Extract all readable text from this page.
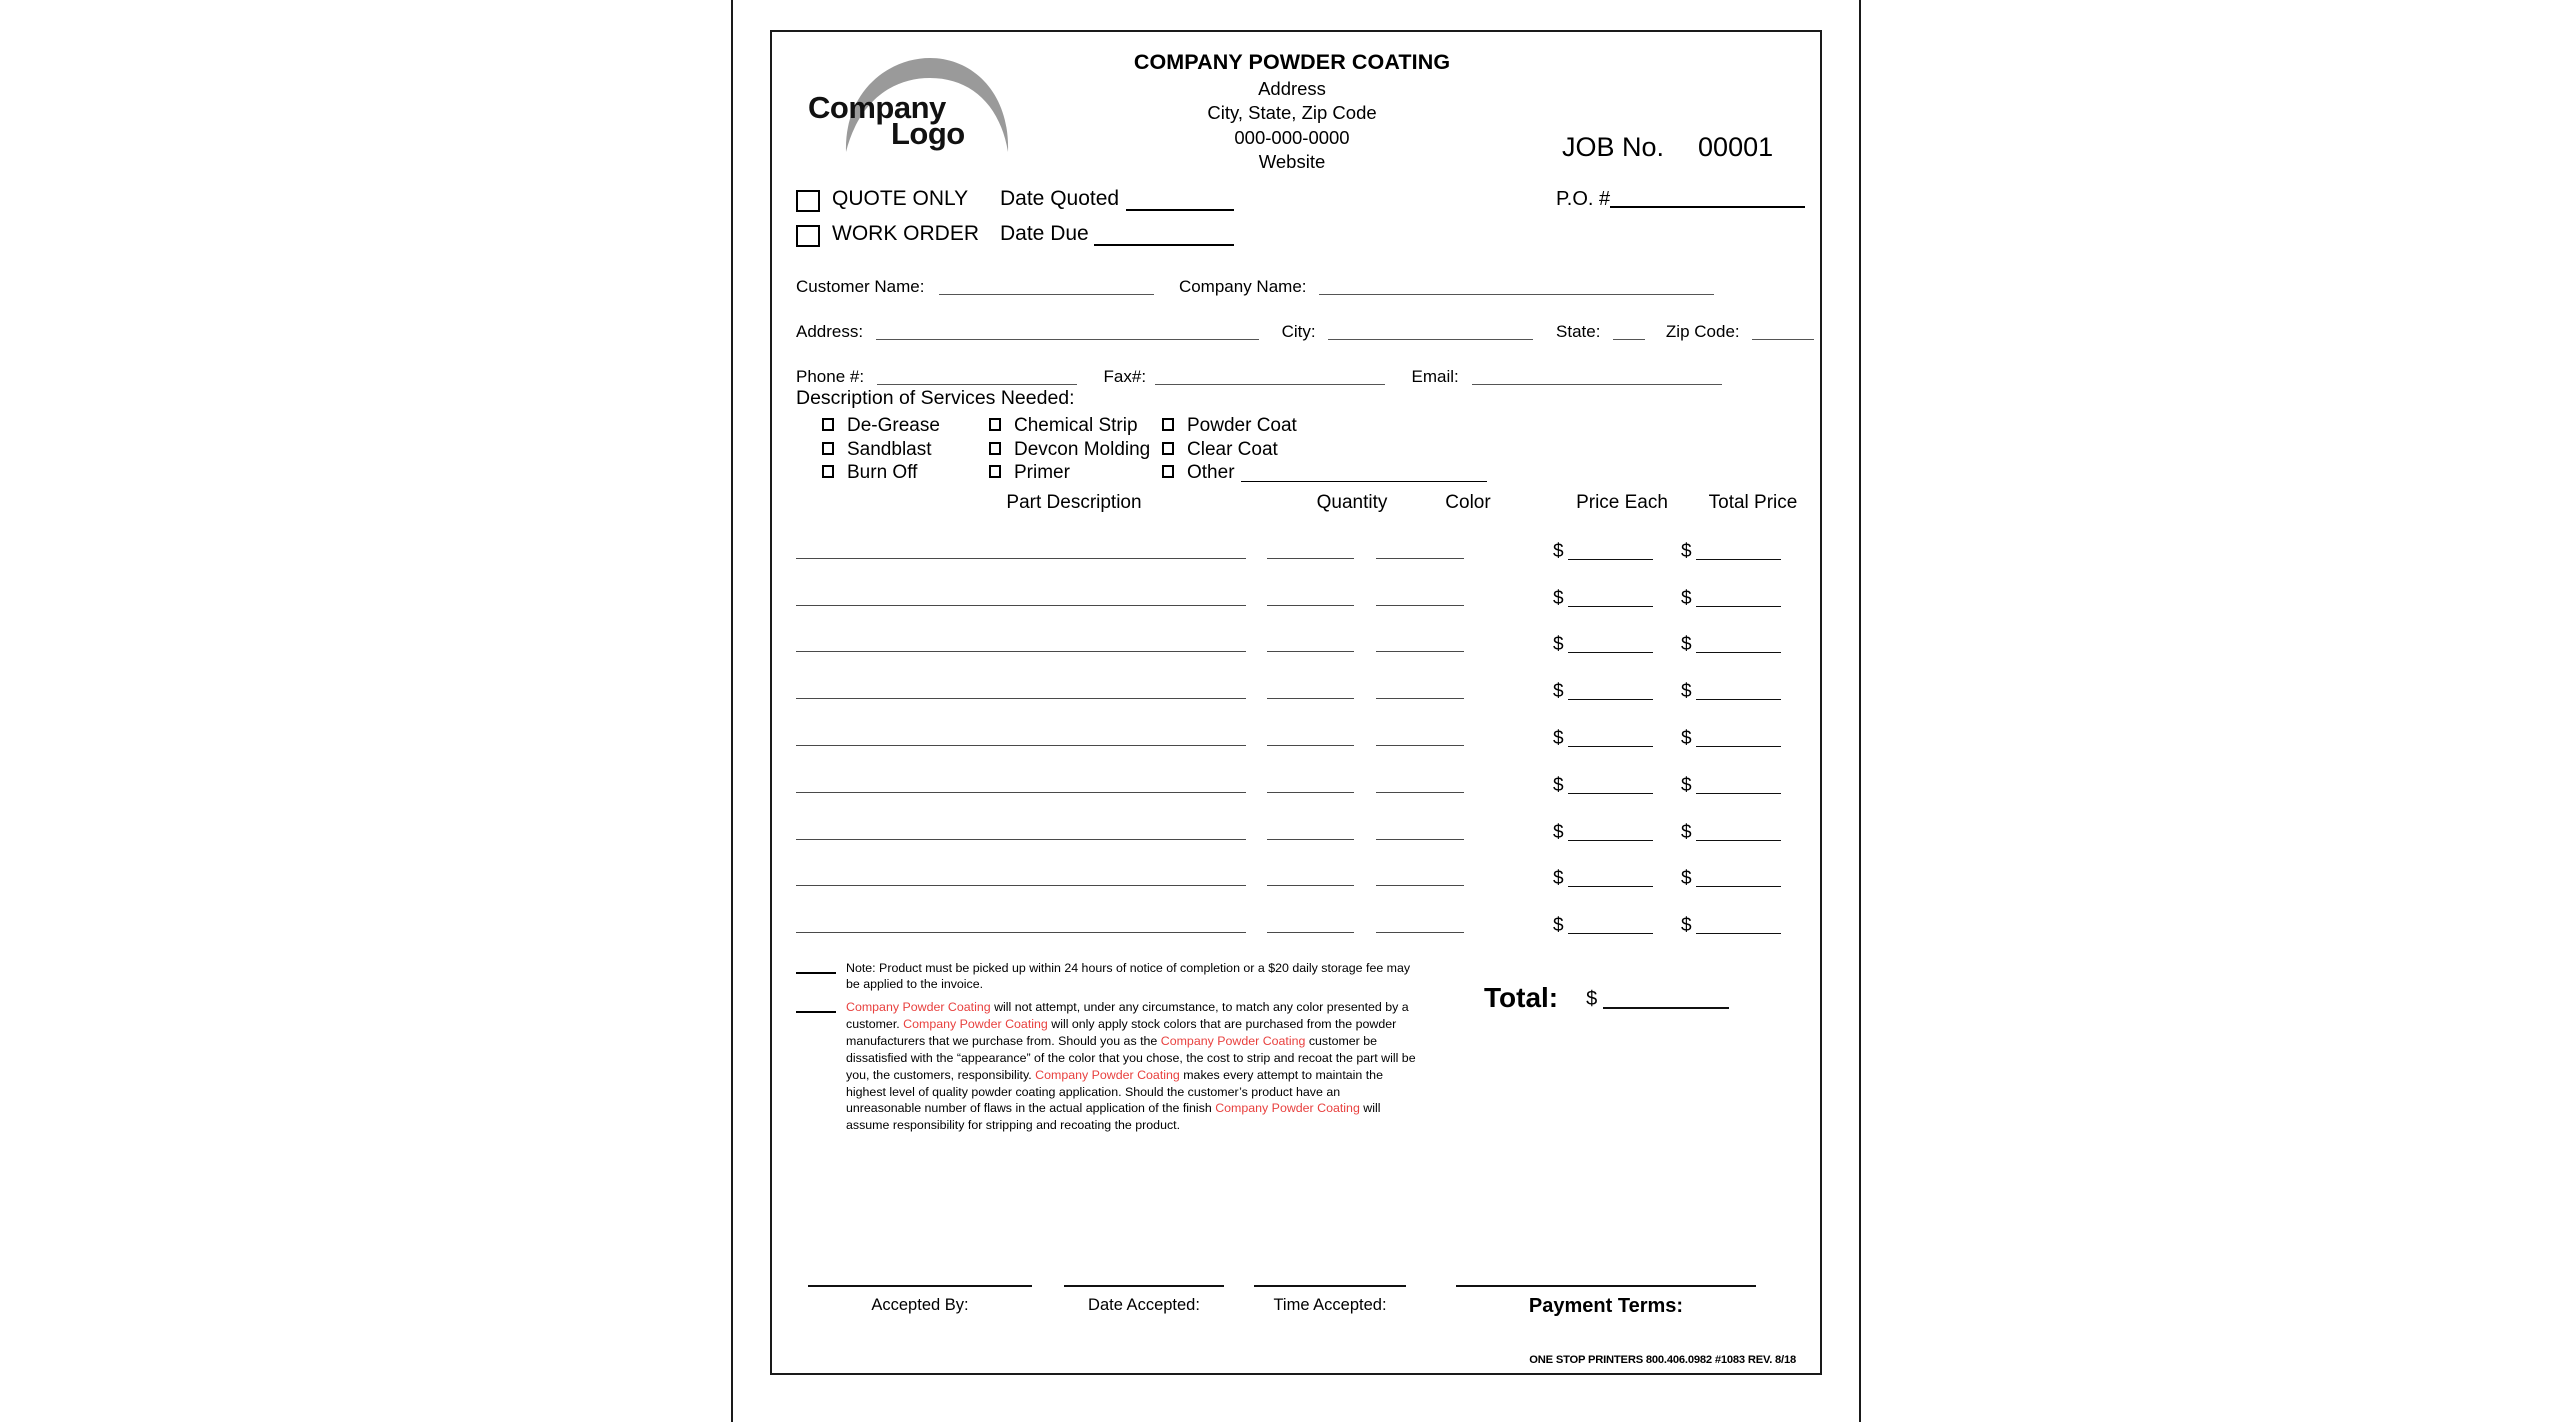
Company
Logo
COMPANY POWDER COATING
Address
City, State, Zip Code
000-000-0000
Website	JOB No. 00001
QUOTE ONLY Date Quoted
WORK ORDER Date Due
P.O. #
Customer Name:	Company Name:
Address:	City:	State:	Zip Code:
Phone #:	Fax#:	Email:
Description of Services Needed:
De-Grease
Sandblast
Burn Off
Chemical Strip
Devcon Molding
Primer
Powder Coat
Clear Coat
Other
Part Description	Quantity	Color	Price Each	Total Price
$	$
$	$
$	$
$	$
$	$
$	$
$	$
$	$
$	$
Note: Product must be picked up within 24 hours of notice of completion or a $20 daily storage fee may be applied to the invoice.
Company Powder Coating will not attempt, under any circumstance, to match any color presented by a customer. Company Powder Coating will only apply stock colors that are purchased from the powder manufacturers that we purchase from. Should you as the Company Powder Coating customer be dissatisfied with the “appearance” of the color that you chose, the cost to strip and recoat the part will be you, the customers, responsibility. Company Powder Coating makes every attempt to maintain the highest level of quality powder coating application. Should the customer’s product have an unreasonable number of flaws in the actual application of the finish Company Powder Coating will assume responsibility for stripping and recoating the product.
Total: $
Accepted By:	Date Accepted:	Time Accepted:	Payment Terms:
ONE STOP PRINTERS 800.406.0982 #1083 REV. 8/18
